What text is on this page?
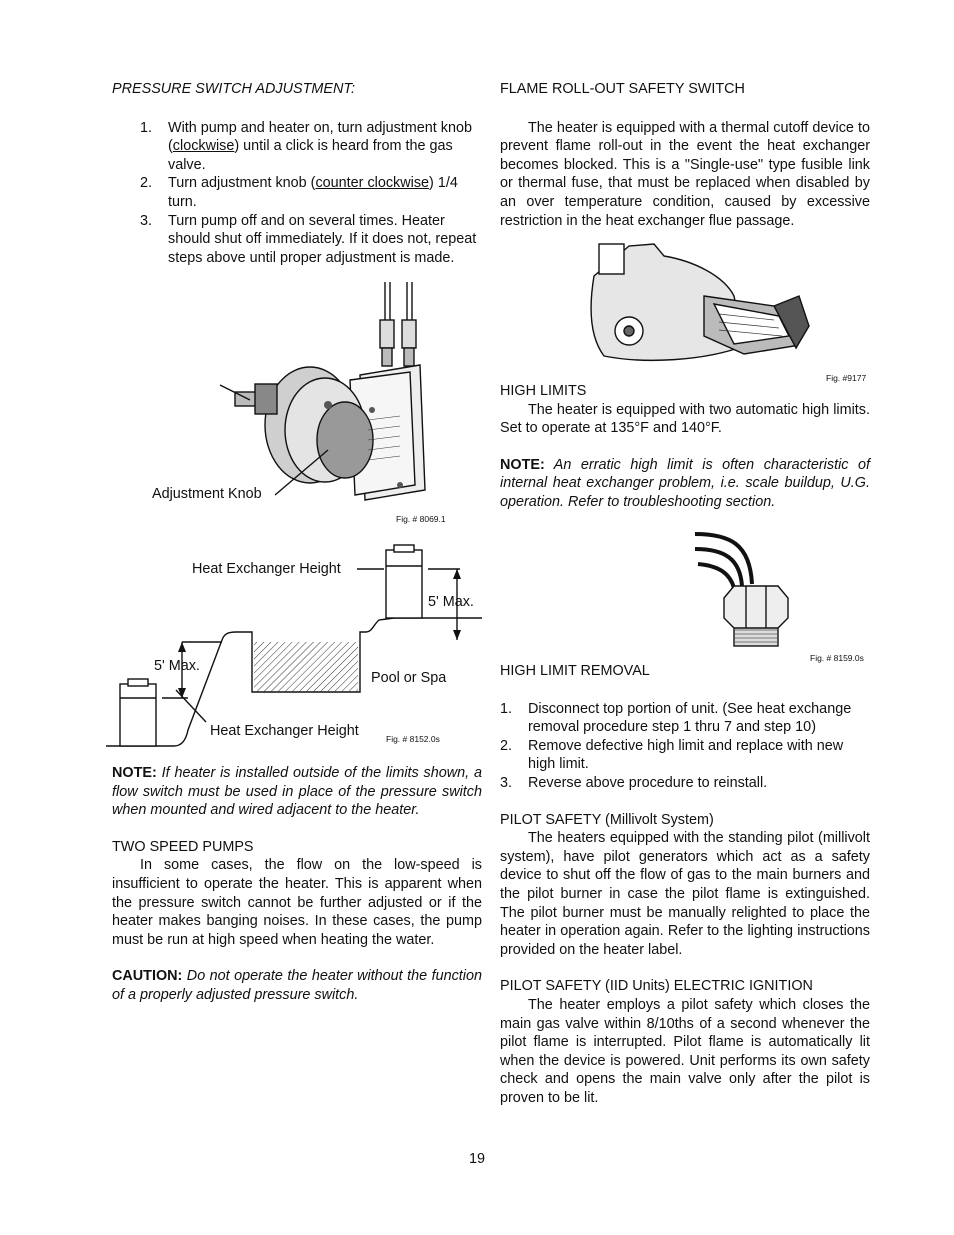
PRESSURE SWITCH ADJUSTMENT:

1. With pump and heater on, turn adjustment knob (clockwise) until a click is heard from the gas valve.
2. Turn adjustment knob (counter clockwise) 1/4 turn.
3. Turn pump off and on several times. Heater should shut off immediately. If it does not, repeat steps above until proper adjustment is made.
Adjustment Knob
Fig. # 8069.1
Heat Exchanger Height
5' Max.
Pool or Spa
5' Max.
Heat Exchanger Height	Fig. # 8152.0s

NOTE: If heater is installed outside of the limits shown, a flow switch must be used in place of the pressure switch when mounted and wired adjacent to the heater.

TWO SPEED PUMPS

In some cases, the flow on the low-speed is insufficient to operate the heater. This is apparent when the pressure switch cannot be further adjusted or if the heater makes banging noises. In these cases, the pump must be run at high speed when heating the water.

CAUTION: Do not operate the heater without the function of a properly adjusted pressure switch.

FLAME ROLL-OUT SAFETY SWITCH

The heater is equipped with a thermal cutoff device to prevent flame roll-out in the event the heat exchanger becomes blocked. This is a "Single-use" type fusible link or thermal fuse, that must be replaced when disabled by an over temperature condition, caused by excessive restriction in the heat exchanger flue passage.

Fig. #9177

HIGH LIMITS

The heater is equipped with two automatic high limits. Set to operate at 135°F and 140°F.

NOTE: An erratic high limit is often characteristic of internal heat exchanger problem, i.e. scale buildup, U.G. operation. Refer to troubleshooting section.

Fig. # 8159.0s

HIGH LIMIT REMOVAL

1. Disconnect top portion of unit. (See heat exchange removal procedure step 1 thru 7 and step 10)
2. Remove defective high limit and replace with new high limit.
3. Reverse above procedure to reinstall.

PILOT SAFETY (Millivolt System)

The heaters equipped with the standing pilot (millivolt system), have pilot generators which act as a safety device to shut off the flow of gas to the main burners and the pilot burner in case the pilot flame is extinguished. The pilot burner must be manually relighted to place the heater in operation again. Refer to the lighting instructions provided on the heater label.

PILOT SAFETY (IID Units) ELECTRIC IGNITION

The heater employs a pilot safety which closes the main gas valve within 8/10ths of a second whenever the pilot flame is interrupted. Pilot flame is automatically lit when the device is powered. Unit performs its own safety check and opens the main valve only after the pilot is proven to be lit.

19
